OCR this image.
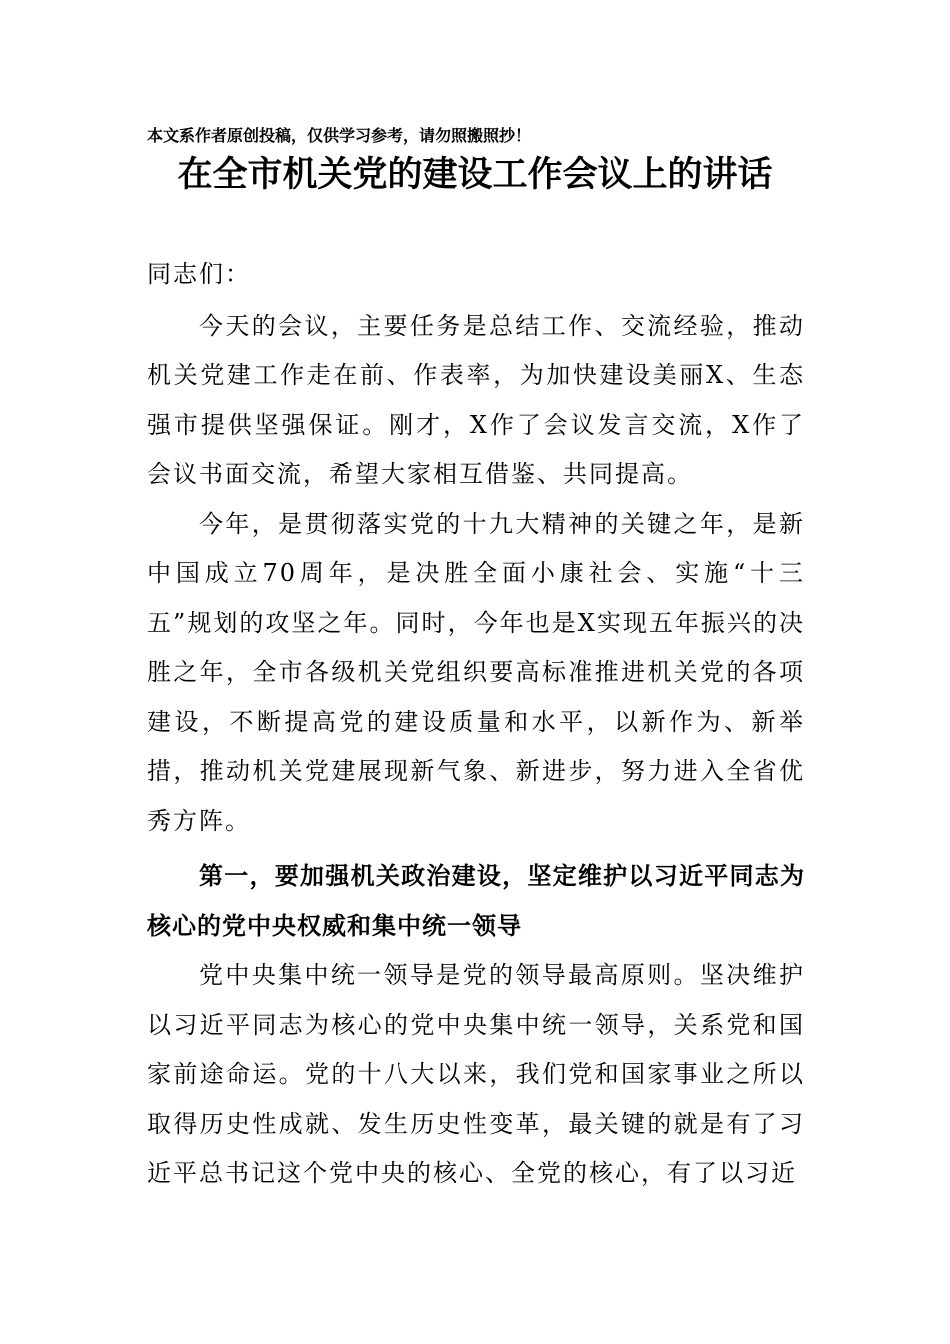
本文系作者原创投稿，仅供学习参考，请勿照搬照抄！
在全市机关党的建设工作会议上的讲话

同志们：

今天的会议，主要任务是总结工作、交流经验，推动机关党建工作走在前、作表率，为加快建设美丽X、生态强市提供坚强保证。刚才，X作了会议发言交流，X作了会议书面交流，希望大家相互借鉴、共同提高。

今年，是贯彻落实党的十九大精神的关键之年，是新中国成立70周年，是决胜全面小康社会、实施“十三五”规划的攻坚之年。同时，今年也是X实现五年振兴的决胜之年，全市各级机关党组织要高标准推进机关党的各项建设，不断提高党的建设质量和水平，以新作为、新举措，推动机关党建展现新气象、新进步，努力进入全省优秀方阵。

第一，要加强机关政治建设，坚定维护以习近平同志为核心的党中央权威和集中统一领导

党中央集中统一领导是党的领导最高原则。坚决维护以习近平同志为核心的党中央集中统一领导，关系党和国家前途命运。党的十八大以来，我们党和国家事业之所以取得历史性成就、发生历史性变革，最关键的就是有了习近平总书记这个党中央的核心、全党的核心，有了以习近
